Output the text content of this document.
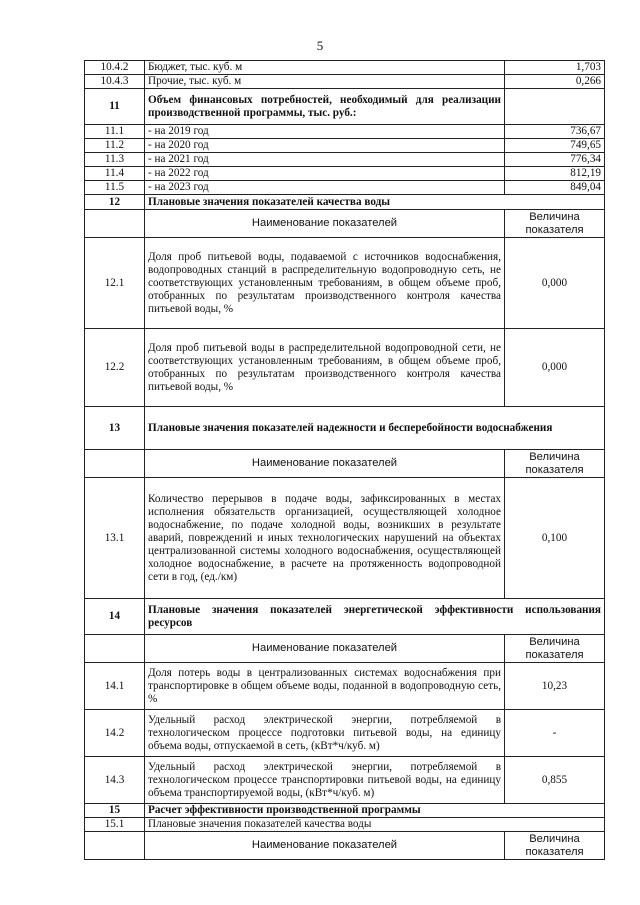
5
10.4.2	Бюджет, тыс. куб. м	1,703
10.4.3	Прочие, тыс. куб. м	0,266
11	Объем финансовых потребностей, необходимый для реализации производственной программы, тыс. руб.:	
11.1	- на 2019 год	736,67
11.2	- на 2020 год	749,65
11.3	- на 2021 год	776,34
11.4	- на 2022 год	812,19
11.5	- на 2023 год	849,04
12	Плановые значения показателей качества воды	
	Наименование показателей	Величина показателя
12.1	Доля проб питьевой воды, подаваемой с источников водоснабжения, водопроводных станций в распределительную водопроводную сеть, не соответствующих установленным требованиям, в общем объеме проб, отобранных по результатам производственного контроля качества питьевой воды, %	0,000
12.2	Доля проб питьевой воды в распределительной водопроводной сети, не соответствующих установленным требованиям, в общем объеме проб, отобранных по результатам производственного контроля качества питьевой воды, %	0,000
13	Плановые значения показателей надежности и бесперебойности водоснабжения	
	Наименование показателей	Величина показателя
13.1	Количество перерывов в подаче воды, зафиксированных в местах исполнения обязательств организацией, осуществляющей холодное водоснабжение, по подаче холодной воды, возникших в результате аварий, повреждений и иных технологических нарушений на объектах централизованной системы холодного водоснабжения, осуществляющей холодное водоснабжение, в расчете на протяженность водопроводной сети в год, (ед./км)	0,100
14	Плановые значения показателей энергетической эффективности использования ресурсов	
	Наименование показателей	Величина показателя
14.1	Доля потерь воды в централизованных системах водоснабжения при транспортировке в общем объеме воды, поданной в водопроводную сеть, %	10,23
14.2	Удельный расход электрической энергии, потребляемой в технологическом процессе подготовки питьевой воды, на единицу объема воды, отпускаемой в сеть, (кВт*ч/куб. м)	-
14.3	Удельный расход электрической энергии, потребляемой в технологическом процессе транспортировки питьевой воды, на единицу объема транспортируемой воды, (кВт*ч/куб. м)	0,855
15	Расчет эффективности производственной программы	
15.1	Плановые значения показателей качества воды	
	Наименование показателей	Величина показателя
